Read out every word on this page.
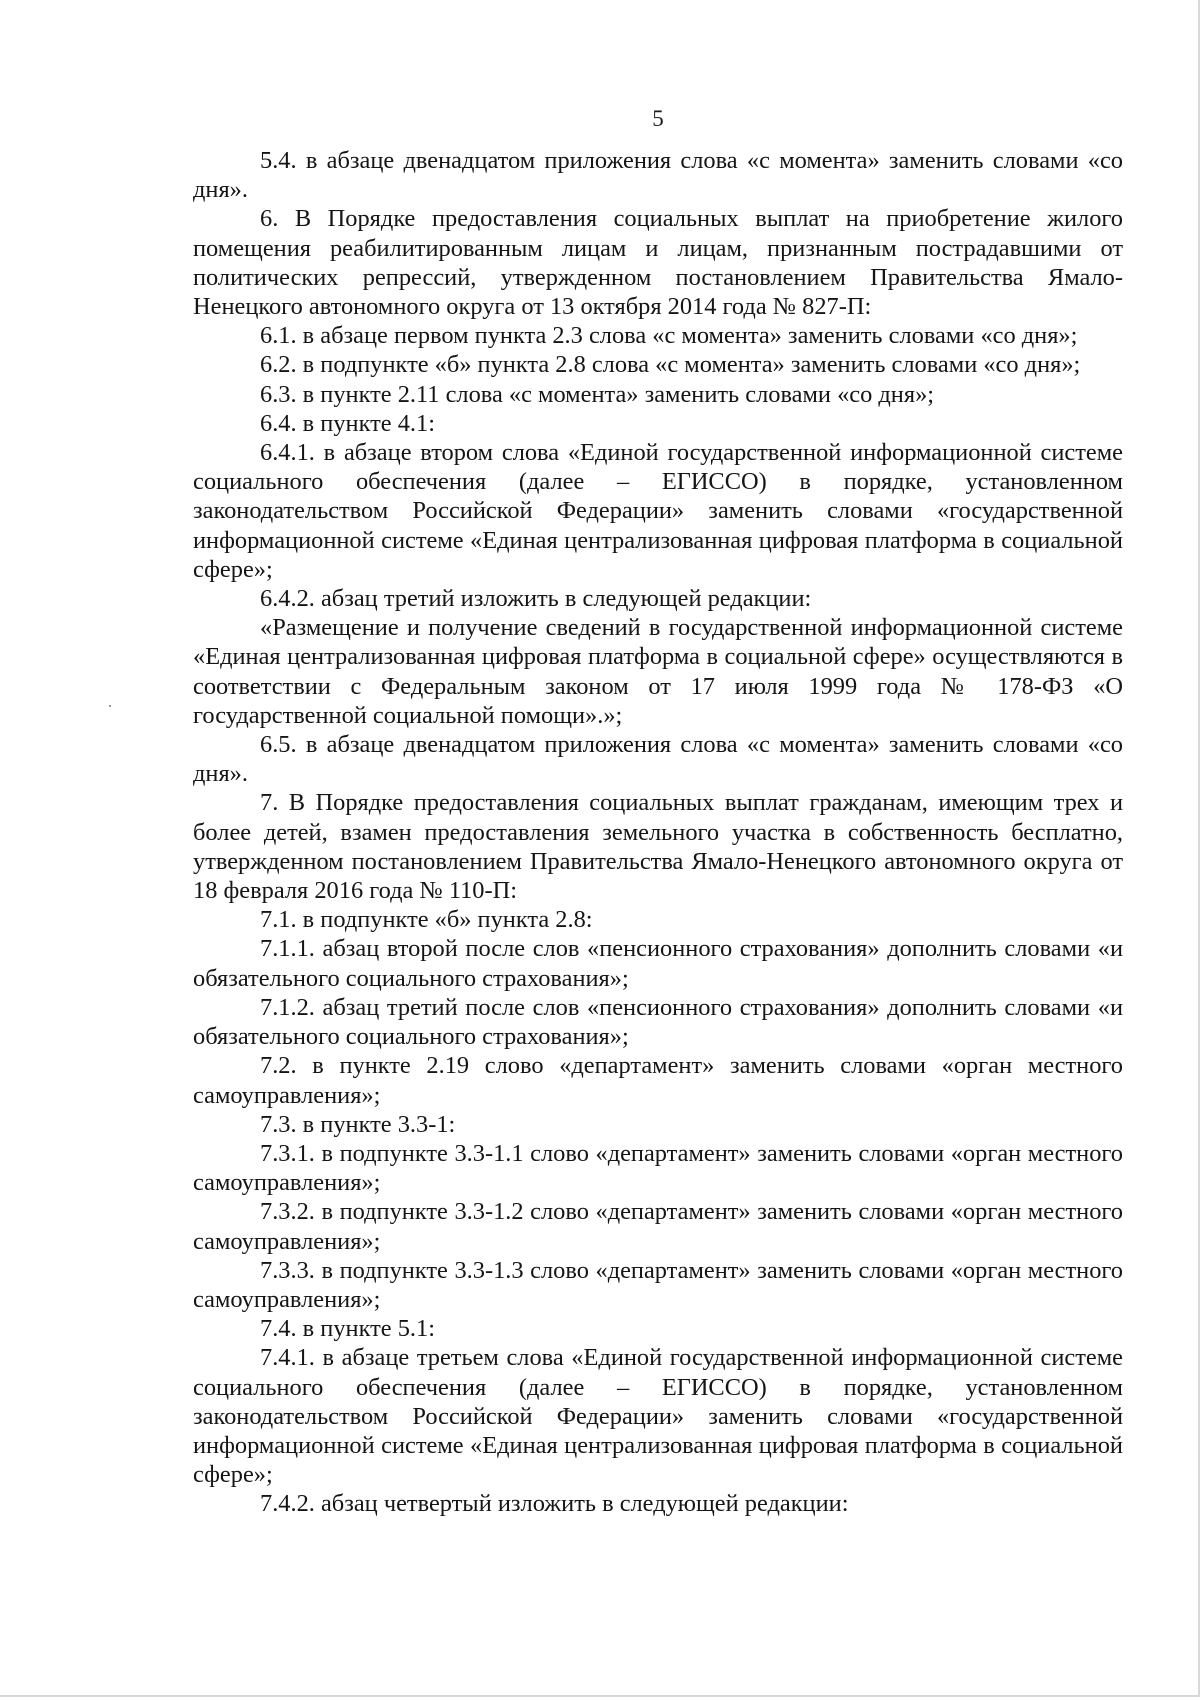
5

5.4. в абзаце двенадцатом приложения слова «с момента» заменить словами «со дня».

6. В Порядке предоставления социальных выплат на приобретение жилого помещения реабилитированным лицам и лицам, признанным пострадавшими от политических репрессий, утвержденном постановлением Правительства Ямало-Ненецкого автономного округа от 13 октября 2014 года № 827-П:

6.1. в абзаце первом пункта 2.3 слова «с момента» заменить словами «со дня»;

6.2. в подпункте «б» пункта 2.8 слова «с момента» заменить словами «со дня»;

6.3. в пункте 2.11 слова «с момента» заменить словами «со дня»;

6.4. в пункте 4.1:

6.4.1. в абзаце втором слова «Единой государственной информационной системе социального обеспечения (далее – ЕГИССО) в порядке, установленном законодательством Российской Федерации» заменить словами «государственной информационной системе «Единая централизованная цифровая платформа в социальной сфере»;

6.4.2. абзац третий изложить в следующей редакции:

«Размещение и получение сведений в государственной информационной системе «Единая централизованная цифровая платформа в социальной сфере» осуществляются в соответствии с Федеральным законом от 17 июля 1999 года № 178-ФЗ «О государственной социальной помощи».»;

6.5. в абзаце двенадцатом приложения слова «с момента» заменить словами «со дня».

7. В Порядке предоставления социальных выплат гражданам, имеющим трех и более детей, взамен предоставления земельного участка в собственность бесплатно, утвержденном постановлением Правительства Ямало-Ненецкого автономного округа от 18 февраля 2016 года № 110-П:

7.1. в подпункте «б» пункта 2.8:

7.1.1. абзац второй после слов «пенсионного страхования» дополнить словами «и обязательного социального страхования»;

7.1.2. абзац третий после слов «пенсионного страхования» дополнить словами «и обязательного социального страхования»;

7.2. в пункте 2.19 слово «департамент» заменить словами «орган местного самоуправления»;

7.3. в пункте 3.3-1:

7.3.1. в подпункте 3.3-1.1 слово «департамент» заменить словами «орган местного самоуправления»;

7.3.2. в подпункте 3.3-1.2 слово «департамент» заменить словами «орган местного самоуправления»;

7.3.3. в подпункте 3.3-1.3 слово «департамент» заменить словами «орган местного самоуправления»;

7.4. в пункте 5.1:

7.4.1. в абзаце третьем слова «Единой государственной информационной системе социального обеспечения (далее – ЕГИССО) в порядке, установленном законодательством Российской Федерации» заменить словами «государственной информационной системе «Единая централизованная цифровая платформа в социальной сфере»;

7.4.2. абзац четвертый изложить в следующей редакции:
